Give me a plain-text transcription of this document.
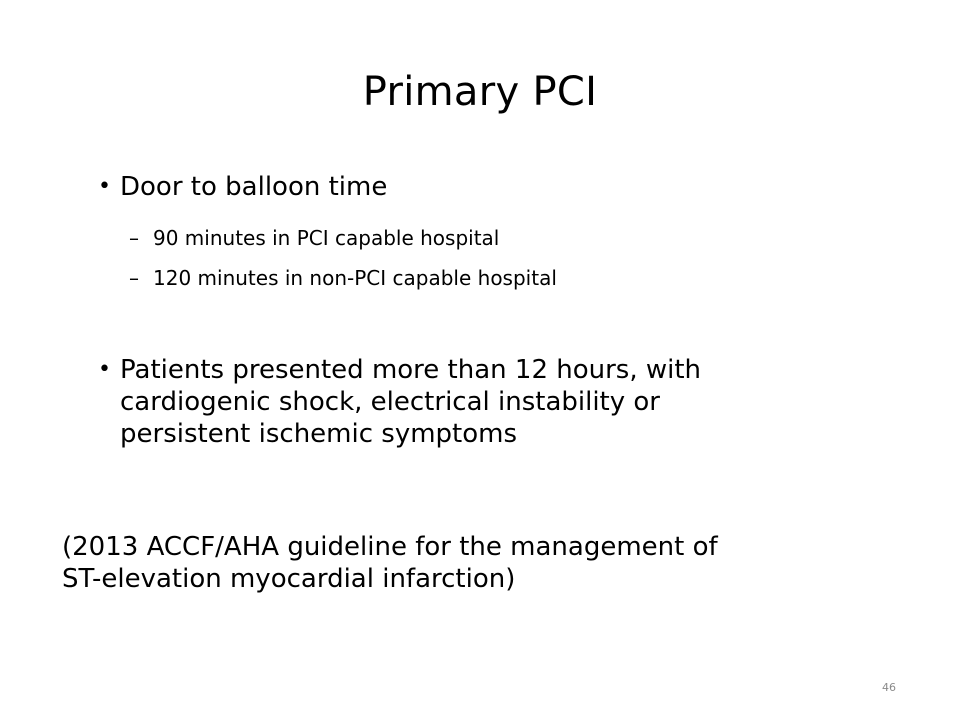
Primary PCI
• Door to balloon time
– 90 minutes in PCI capable hospital
– 120 minutes in non-PCI capable hospital
• Patients presented more than 12 hours, with
cardiogenic shock, electrical instability or
persistent ischemic symptoms
(2013 ACCF/AHA guideline for the management of
ST-elevation myocardial infarction)
46
